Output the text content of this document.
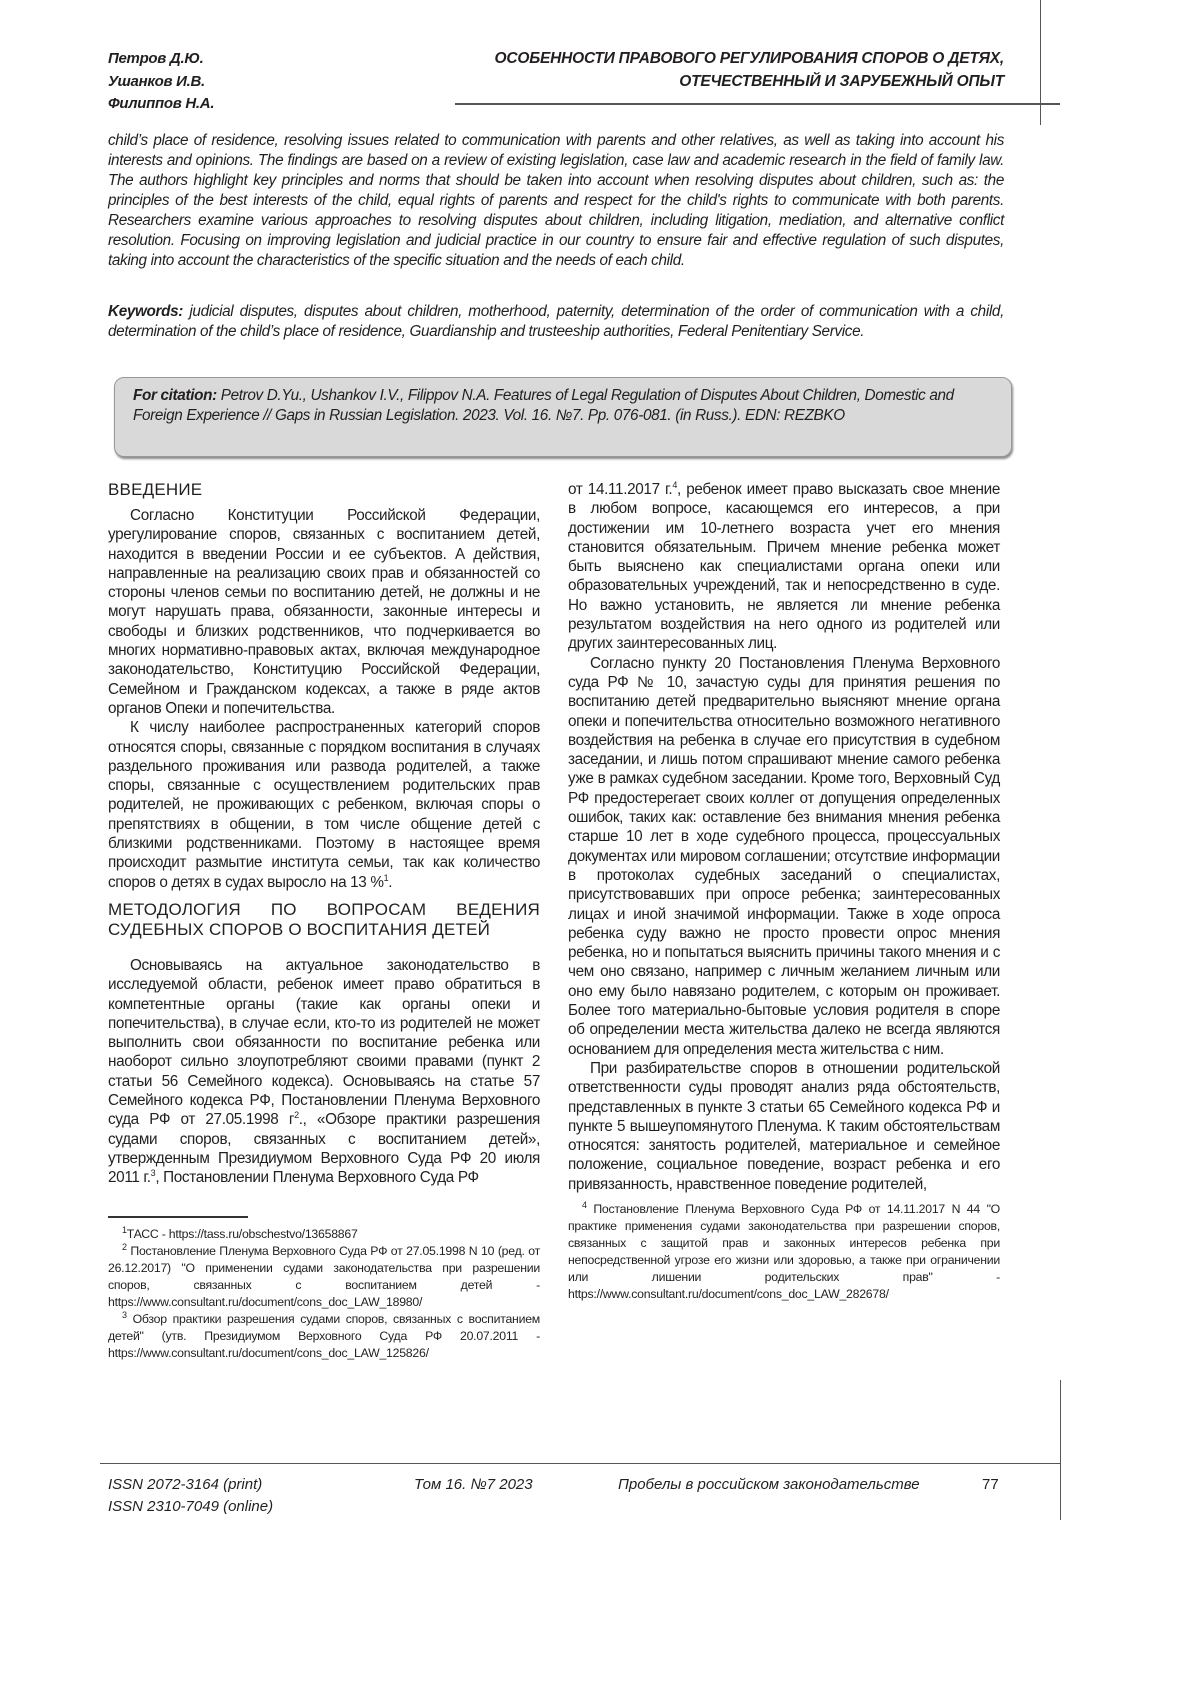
Петров Д.Ю.
Ушанков И.В.
Филиппов Н.А.
ОСОБЕННОСТИ ПРАВОВОГО РЕГУЛИРОВАНИЯ СПОРОВ О ДЕТЯХ,
ОТЕЧЕСТВЕННЫЙ И ЗАРУБЕЖНЫЙ ОПЫТ
child’s place of residence, resolving issues related to communication with parents and other relatives, as well as taking into account his interests and opinions. The findings are based on a review of existing legislation, case law and academic research in the field of family law. The authors highlight key principles and norms that should be taken into account when resolving disputes about children, such as: the principles of the best interests of the child, equal rights of parents and respect for the child's rights to communicate with both parents. Researchers examine various approaches to resolving disputes about children, including litigation, mediation, and alternative conflict resolution. Focusing on improving legislation and judicial practice in our country to ensure fair and effective regulation of such disputes, taking into account the characteristics of the specific situation and the needs of each child.
Keywords: judicial disputes, disputes about children, motherhood, paternity, determination of the order of communication with a child, determination of the child’s place of residence, Guardianship and trusteeship authorities, Federal Penitentiary Service.
For citation: Petrov D.Yu., Ushankov I.V., Filippov N.A. Features of Legal Regulation of Disputes About Children, Domestic and Foreign Experience // Gaps in Russian Legislation. 2023. Vol. 16. №7. Pp. 076-081. (in Russ.). EDN: REZBKO
ВВЕДЕНИЕ

Согласно Конституции Российской Федерации, урегулирование споров, связанных с воспитанием детей, находится в введении России и ее субъектов. А действия, направленные на реализацию своих прав и обязанностей со стороны членов семьи по воспитанию детей, не должны и не могут нарушать права, обязанности, законные интересы и свободы и близких родственников, что подчеркивается во многих нормативно-правовых актах, включая международное законодательство, Конституцию Российской Федерации, Семейном и Гражданском кодексах, а также в ряде актов органов Опеки и попечительства.

К числу наиболее распространенных категорий споров относятся споры, связанные с порядком воспитания в случаях раздельного проживания или развода родителей, а также споры, связанные с осуществлением родительских прав родителей, не проживающих с ребенком, включая споры о препятствиях в общении, в том числе общение детей с близкими родственниками. Поэтому в настоящее время происходит размытие института семьи, так как количество споров о детях в судах выросло на 13 %1.

МЕТОДОЛОГИЯ ПО ВОПРОСАМ ВЕДЕНИЯ СУДЕБНЫХ СПОРОВ О ВОСПИТАНИЯ ДЕТЕЙ

Основываясь на актуальное законодательство в исследуемой области, ребенок имеет право обратиться в компетентные органы (такие как органы опеки и попечительства), в случае если, кто-то из родителей не может выполнить свои обязанности по воспитание ребенка или наоборот сильно злоупотребляют своими правами (пункт 2 статьи 56 Семейного кодекса). Основываясь на статье 57 Семейного кодекса РФ, Постановлении Пленума Верховного суда РФ от 27.05.1998 г2., «Обзоре практики разрешения судами споров, связанных с воспитанием детей», утвержденным Президиумом Верховного Суда РФ 20 июля 2011 г.3, Постановлении Пленума Верховного Суда РФ

1ТАСС - https://tass.ru/obschestvo/13658867

2 Постановление Пленума Верховного Суда РФ от 27.05.1998 N 10 (ред. от 26.12.2017) "О применении судами законодательства при разрешении споров, связанных с воспитанием детей - https://www.consultant.ru/document/cons_doc_LAW_18980/

3 Обзор практики разрешения судами споров, связанных с воспитанием детей" (утв. Президиумом Верховного Суда РФ 20.07.2011 - https://www.consultant.ru/document/cons_doc_LAW_125826/

от 14.11.2017 г.4, ребенок имеет право высказать свое мнение в любом вопросе, касающемся его интересов, а при достижении им 10-летнего возраста учет его мнения становится обязательным. Причем мнение ребенка может быть выяснено как специалистами органа опеки или образовательных учреждений, так и непосредственно в суде. Но важно установить, не является ли мнение ребенка результатом воздействия на него одного из родителей или других заинтересованных лиц.

Согласно пункту 20 Постановления Пленума Верховного суда РФ № 10, зачастую суды для принятия решения по воспитанию детей предварительно выясняют мнение органа опеки и попечительства относительно возможного негативного воздействия на ребенка в случае его присутствия в судебном заседании, и лишь потом спрашивают мнение самого ребенка уже в рамках судебном заседании. Кроме того, Верховный Суд РФ предостерегает своих коллег от допущения определенных ошибок, таких как: оставление без внимания мнения ребенка старше 10 лет в ходе судебного процесса, процессуальных документах или мировом соглашении; отсутствие информации в протоколах судебных заседаний о специалистах, присутствовавших при опросе ребенка; заинтересованных лицах и иной значимой информации. Также в ходе опроса ребенка суду важно не просто провести опрос мнения ребенка, но и попытаться выяснить причины такого мнения и с чем оно связано, например с личным желанием личным или оно ему было навязано родителем, с которым он проживает. Более того материально-бытовые условия родителя в споре об определении места жительства далеко не всегда являются основанием для определения места жительства с ним.

При разбирательстве споров в отношении родительской ответственности суды проводят анализ ряда обстоятельств, представленных в пункте 3 статьи 65 Семейного кодекса РФ и пункте 5 вышеупомянутого Пленума. К таким обстоятельствам относятся: занятость родителей, материальное и семейное положение, социальное поведение, возраст ребенка и его привязанность, нравственное поведение родителей,

4 Постановление Пленума Верховного Суда РФ от 14.11.2017 N 44 "О практике применения судами законодательства при разрешении споров, связанных с защитой прав и законных интересов ребенка при непосредственной угрозе его жизни или здоровью, а также при ограничении или лишении родительских прав" - https://www.consultant.ru/document/cons_doc_LAW_282678/

ISSN 2072-3164 (print)
ISSN 2310-7049 (online)
Том 16. №7 2023	Пробелы в российском законодательстве	77
